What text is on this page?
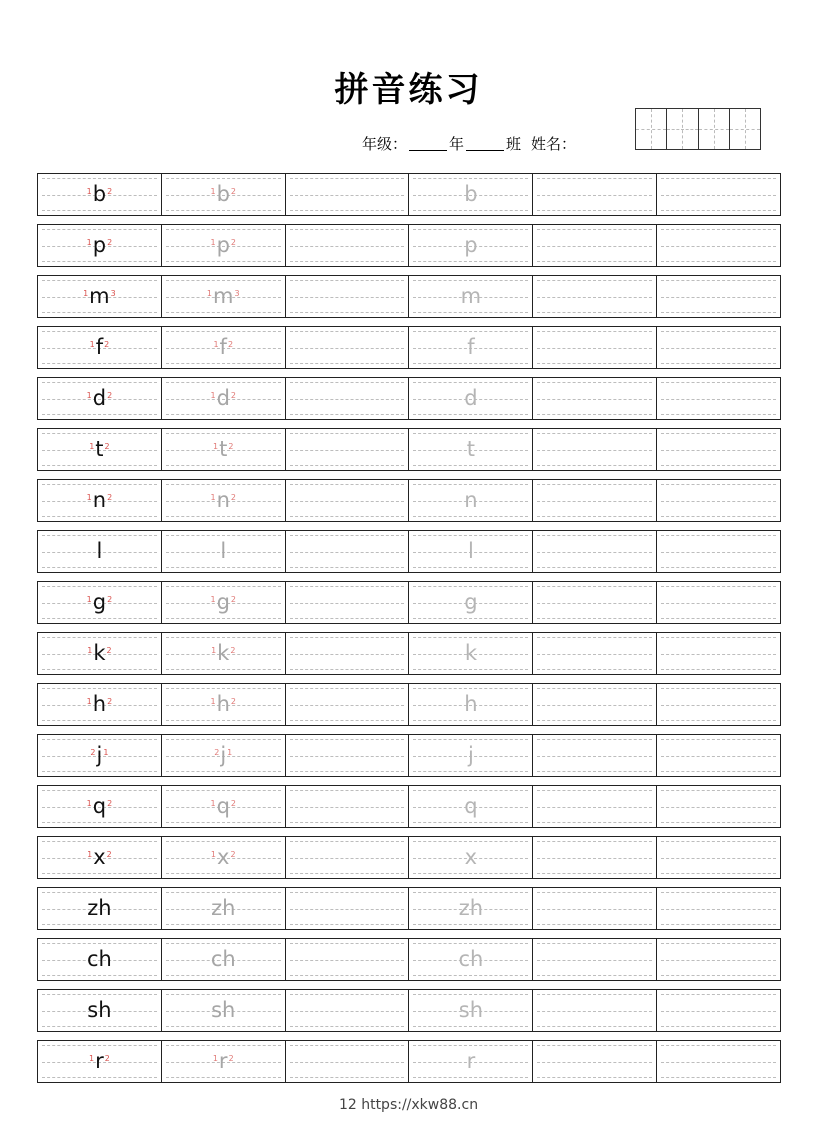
拼音练习
年级：	年	班 姓名：
1 b 2	1 b 2	b
1 p 2	1 p 2	p
1 m 3	1 m 3	m
1 f 2	1 f 2	f
1 d 2	1 d 2	d
1 t 2	1 t 2	t
1 n 2	1 n 2	n
l	l	l
1 g 2	1 g 2	g
1 k 2	1 k 2	k
1 h 2	1 h 2	h
2 j 1	2 j 1	j
1 q 2	1 q 2	q
1 x 2	1 x 2	x
zh	zh	zh
ch	ch	ch
sh	sh	sh
1 r 2	1 r 2	r
12 https://xkw88.cn
